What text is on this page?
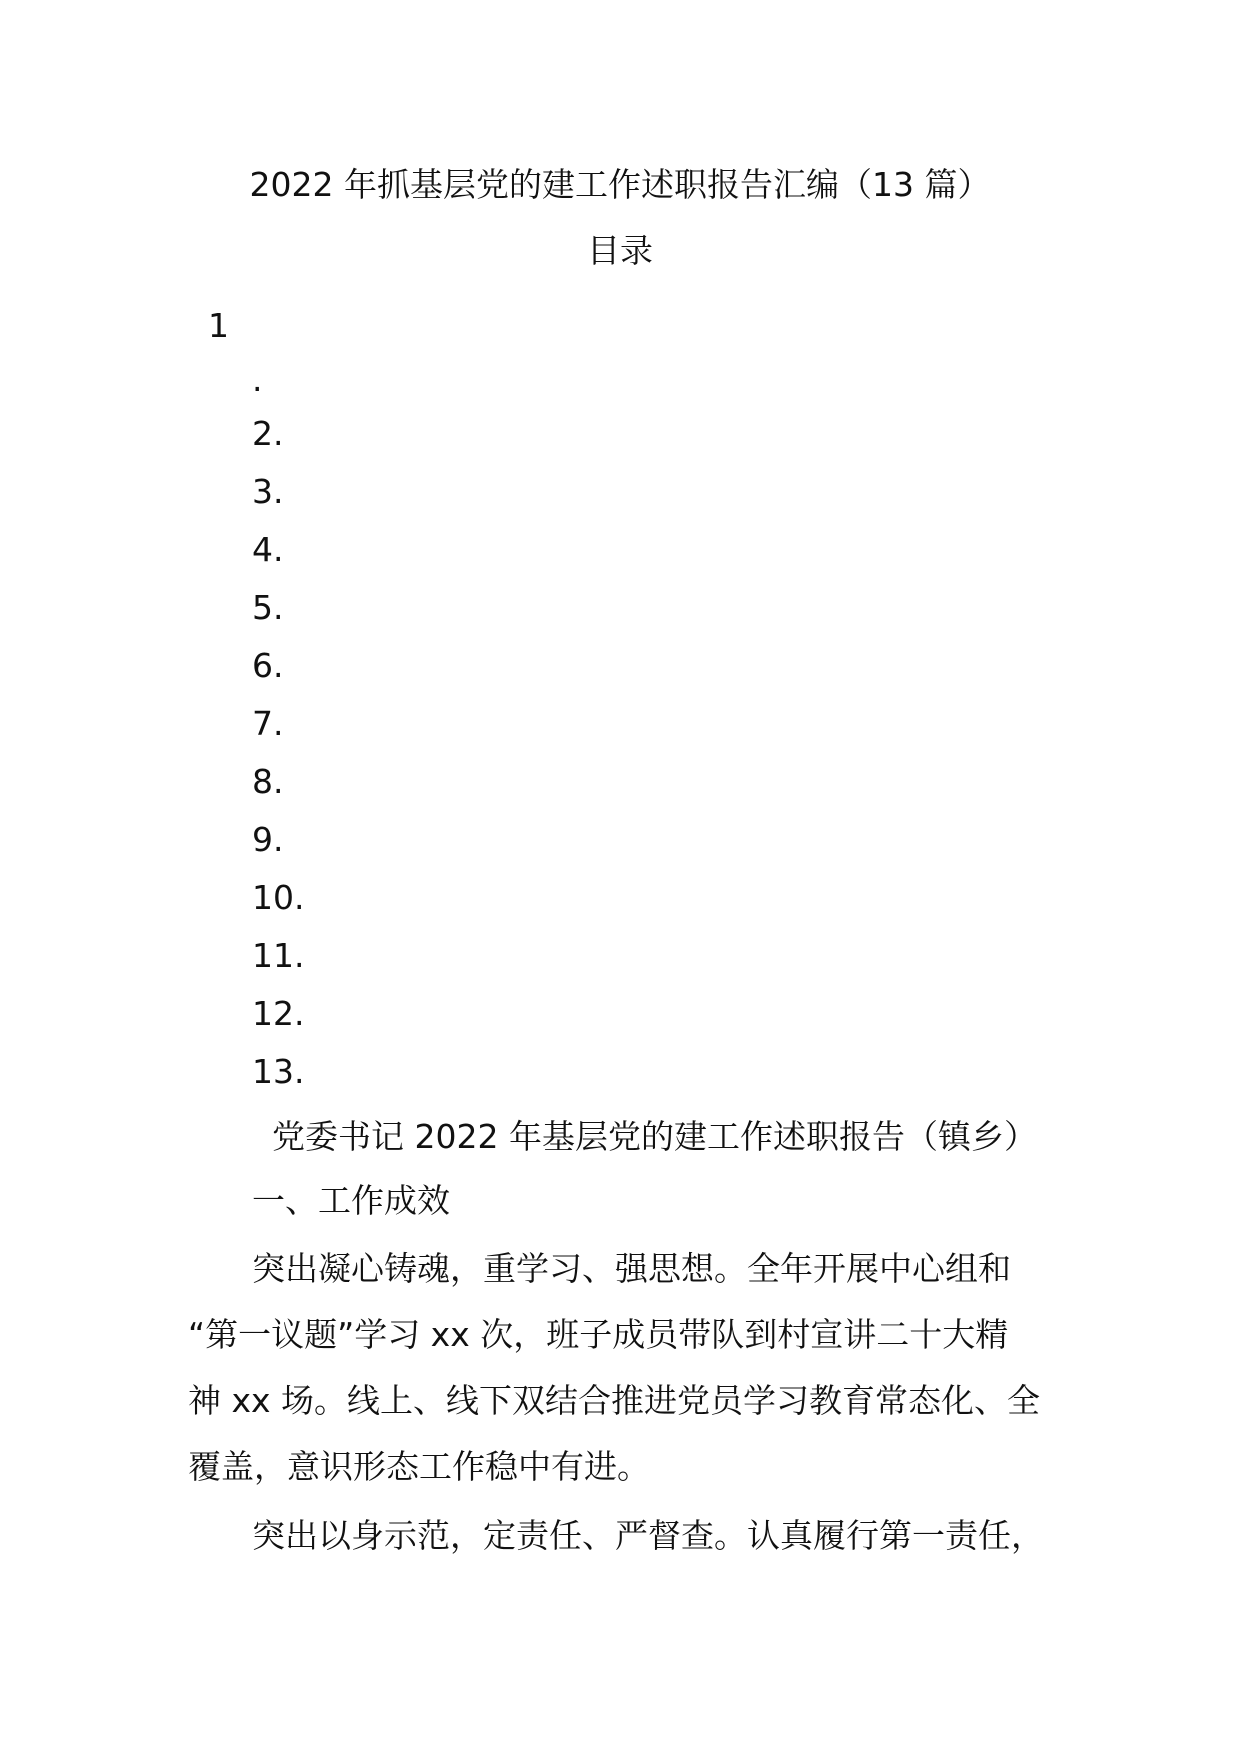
2022 年抓基层党的建工作述职报告汇编（13 篇）
目录
1
.
2.
3.
4.
5.
6.
7.
8.
9.
10.
11.
12.
13.
党委书记 2022 年基层党的建工作述职报告（镇乡）
一、工作成效
突出凝心铸魂，重学习、强思想。全年开展中心组和
“第一议题”学习 xx 次，班子成员带队到村宣讲二十大精
神 xx 场。线上、线下双结合推进党员学习教育常态化、全
覆盖，意识形态工作稳中有进。
突出以身示范，定责任、严督查。认真履行第一责任，
